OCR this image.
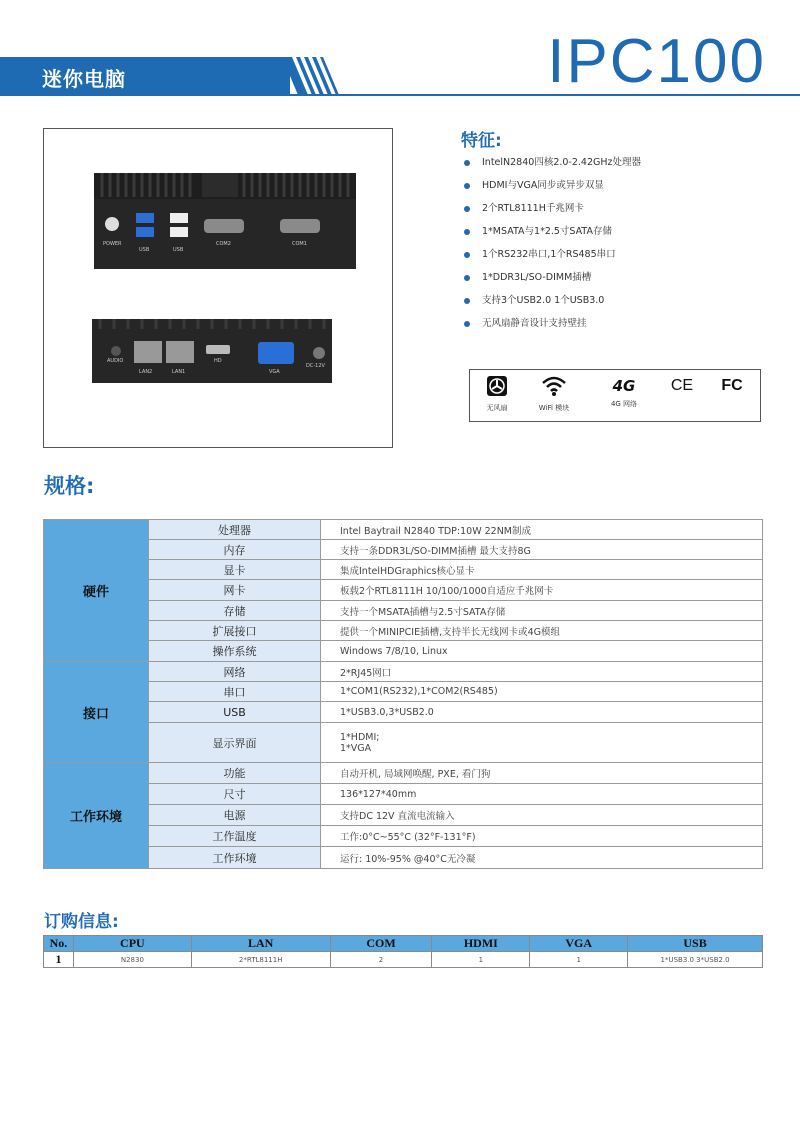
迷你电脑	IPC100
POWER
USB	USB
COM2	COM1
AUDIO
LAN2	LAN1
HD
VGA
DC-12V
特征:
IntelN2840四核2.0-2.42GHz处理器
HDMI与VGA同步或异步双显
2个RTL8111H千兆网卡
1*MSATA与1*2.5寸SATA存储
1个RS232串口,1个RS485串口
1*DDR3L/SO-DIMM插槽
支持3个USB2.0 1个USB3.0
无风扇静音设计支持壁挂
无风扇	WiFi 模块
4G
4G 网络
CE FC
规格:
硬件	处理器	Intel Baytrail N2840 TDP:10W 22NM制成
	内存	支持一条DDR3L/SO-DIMM插槽 最大支持8G
	显卡	集成IntelHDGraphics核心显卡
	网卡	板载2个RTL8111H 10/100/1000自适应千兆网卡
	存储	支持一个MSATA插槽与2.5寸SATA存储
	扩展接口	提供一个MINIPCIE插槽,支持半长无线网卡或4G模组
	操作系统	Windows 7/8/10, Linux
接口	网络	2*RJ45网口
	串口	1*COM1(RS232),1*COM2(RS485)
	USB	1*USB3.0,3*USB2.0
	显示界面	1*HDMI;
1*VGA

工作环境	功能	自动开机, 局域网唤醒, PXE, 看门狗
	尺寸	136*127*40mm
	电源	支持DC 12V 直流电流输入
	工作温度	工作:0°C~55°C (32°F-131°F)
	工作环境	运行: 10%-95% @40°C无冷凝
订购信息:
No.	CPU	LAN	COM	HDMI	VGA	USB
1	N2830	2*RTL8111H	2	1	1	1*USB3.0 3*USB2.0
